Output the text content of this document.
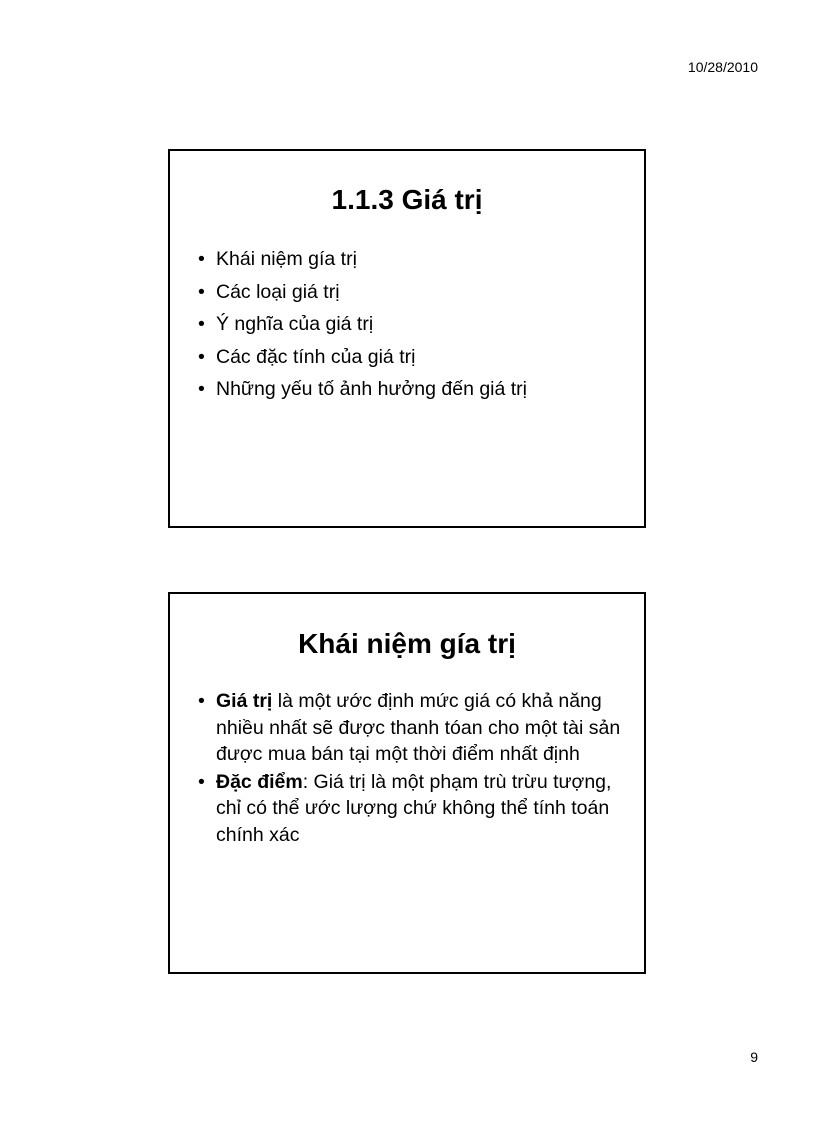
10/28/2010
1.1.3 Giá trị
• Khái niệm gía trị
• Các loại giá trị
• Ý nghĩa của giá trị
• Các đặc tính của giá trị
• Những yếu tố ảnh hưởng đến giá trị
Khái niệm gía trị
• Giá trị là một ước định mức giá có khả năng nhiều nhất sẽ được thanh tóan cho một tài sản được mua bán tại một thời điểm nhất định
• Đặc điểm: Giá trị là một phạm trù trừu tượng, chỉ có thể ước lượng chứ không thể tính toán chính xác
9
